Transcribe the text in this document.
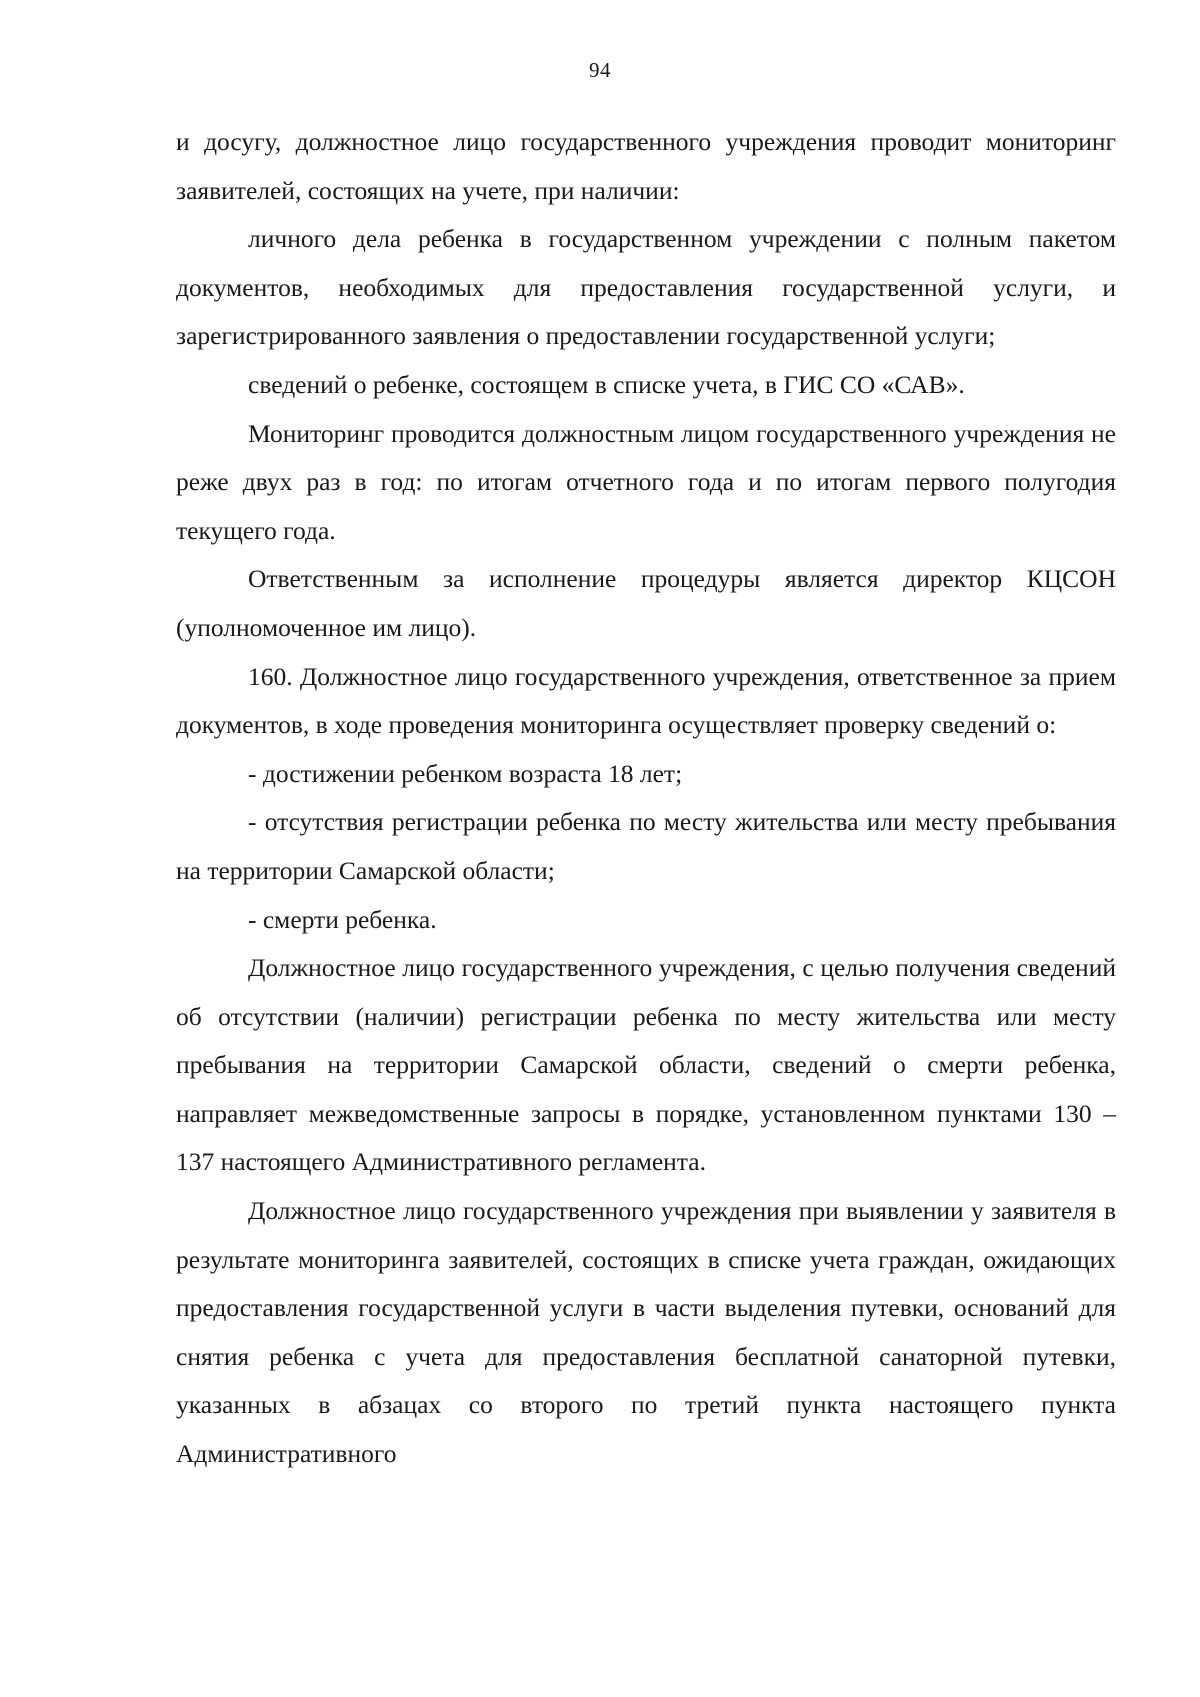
94

и досугу, должностное лицо государственного учреждения проводит мониторинг заявителей, состоящих на учете, при наличии:

личного дела ребенка в государственном учреждении с полным пакетом документов, необходимых для предоставления государственной услуги, и зарегистрированного заявления о предоставлении государственной услуги;

сведений о ребенке, состоящем в списке учета, в ГИС СО «САВ».

Мониторинг проводится должностным лицом государственного учреждения не реже двух раз в год: по итогам отчетного года и по итогам первого полугодия текущего года.

Ответственным за исполнение процедуры является директор КЦСОН (уполномоченное им лицо).

160. Должностное лицо государственного учреждения, ответственное за прием документов, в ходе проведения мониторинга осуществляет проверку сведений о:

- достижении ребенком возраста 18 лет;

- отсутствия регистрации ребенка по месту жительства или месту пребывания на территории Самарской области;

- смерти ребенка.

Должностное лицо государственного учреждения, с целью получения сведений об отсутствии (наличии) регистрации ребенка по месту жительства или месту пребывания на территории Самарской области, сведений о смерти ребенка, направляет межведомственные запросы в порядке, установленном пунктами 130 – 137 настоящего Административного регламента.

Должностное лицо государственного учреждения при выявлении у заявителя в результате мониторинга заявителей, состоящих в списке учета граждан, ожидающих предоставления государственной услуги в части выделения путевки, оснований для снятия ребенка с учета для предоставления бесплатной санаторной путевки, указанных в абзацах со второго по третий пункта настоящего пункта Административного
